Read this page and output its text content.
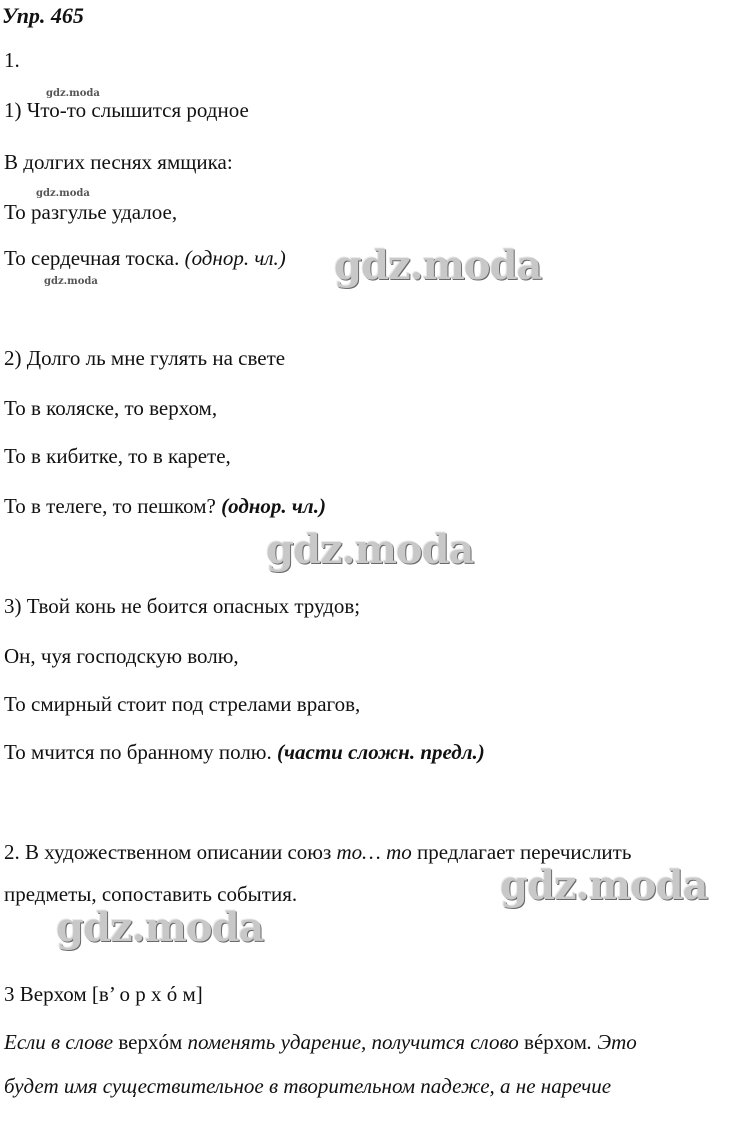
Упр. 465
1.
gdz.moda
1) Что-то слышится родное
В долгих песнях ямщика:
gdz.moda
То разгулье удалое,
То сердечная тоска. (однор. чл.) gdz.moda
gdz.moda
2) Долго ль мне гулять на свете
То в коляске, то верхом,
То в кибитке, то в карете,
То в телеге, то пешком? (однор. чл.)
gdz.moda
3) Твой конь не боится опасных трудов;
Он, чуя господскую волю,
То смирный стоит под стрелами врагов,
То мчится по бранному полю. (части сложн. предл.)
2. В художественном описании союз то… то предлагает перечислить
предметы, сопоставить события.	gdz.moda
gdz.moda
3 Верхом [в’ о р х ó м]
Если в слове верхóм поменять ударение, получится слово вéрхом. Это
будет имя существительное в творительном падеже, а не наречие
